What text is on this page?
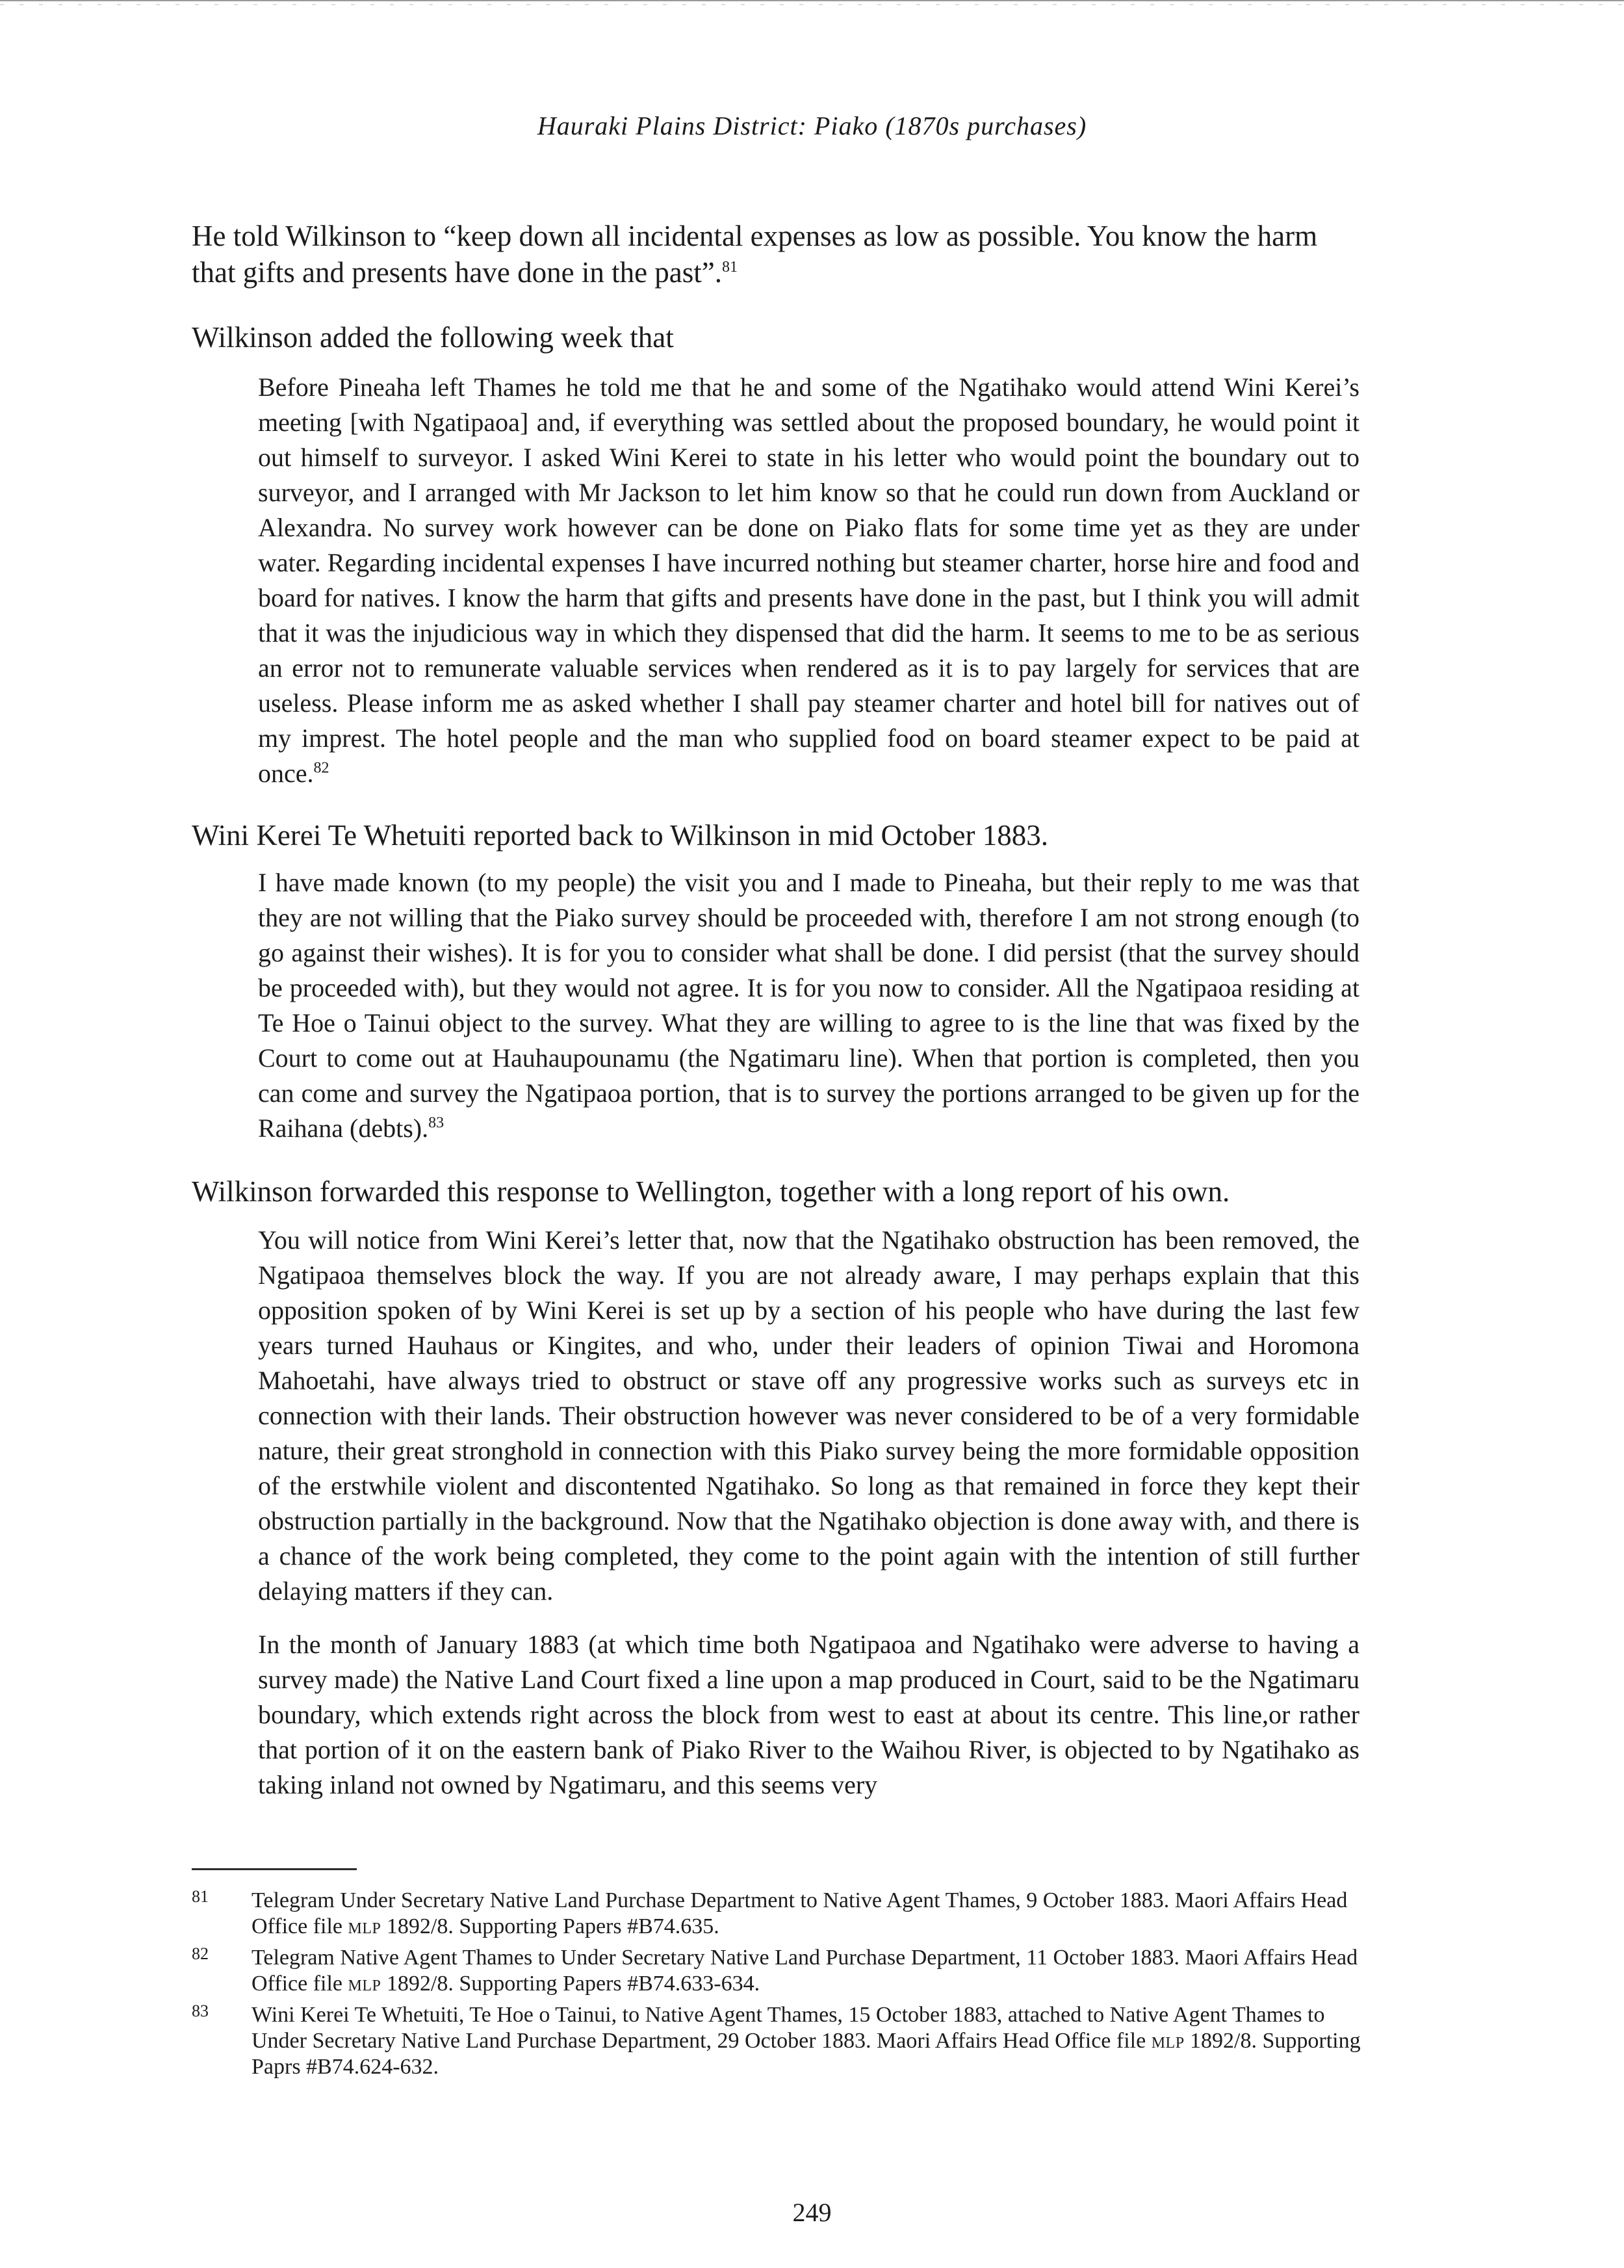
Hauraki Plains District: Piako (1870s purchases)

He told Wilkinson to “keep down all incidental expenses as low as possible. You know the harm that gifts and presents have done in the past”.$^{81}$

Wilkinson added the following week that

Before Pineaha left Thames he told me that he and some of the Ngatihako would attend Wini Kerei’s meeting [with Ngatipaoa] and, if everything was settled about the proposed boundary, he would point it out himself to surveyor. I asked Wini Kerei to state in his letter who would point the boundary out to surveyor, and I arranged with Mr Jackson to let him know so that he could run down from Auckland or Alexandra. No survey work however can be done on Piako flats for some time yet as they are under water. Regarding incidental expenses I have incurred nothing but steamer charter, horse hire and food and board for natives. I know the harm that gifts and presents have done in the past, but I think you will admit that it was the injudicious way in which they dispensed that did the harm. It seems to me to be as serious an error not to remunerate valuable services when rendered as it is to pay largely for services that are useless. Please inform me as asked whether I shall pay steamer charter and hotel bill for natives out of my imprest. The hotel people and the man who supplied food on board steamer expect to be paid at once.$^{82}$

Wini Kerei Te Whetuiti reported back to Wilkinson in mid October 1883.

I have made known (to my people) the visit you and I made to Pineaha, but their reply to me was that they are not willing that the Piako survey should be proceeded with, therefore I am not strong enough (to go against their wishes). It is for you to consider what shall be done. I did persist (that the survey should be proceeded with), but they would not agree. It is for you now to consider. All the Ngatipaoa residing at Te Hoe o Tainui object to the survey. What they are willing to agree to is the line that was fixed by the Court to come out at Hauhaupounamu (the Ngatimaru line). When that portion is completed, then you can come and survey the Ngatipaoa portion, that is to survey the portions arranged to be given up for the Raihana (debts).$^{83}$

Wilkinson forwarded this response to Wellington, together with a long report of his own.

You will notice from Wini Kerei’s letter that, now that the Ngatihako obstruction has been removed, the Ngatipaoa themselves block the way. If you are not already aware, I may perhaps explain that this opposition spoken of by Wini Kerei is set up by a section of his people who have during the last few years turned Hauhaus or Kingites, and who, under their leaders of opinion Tiwai and Horomona Mahoetahi, have always tried to obstruct or stave off any progressive works such as surveys etc in connection with their lands. Their obstruction however was never considered to be of a very formidable nature, their great stronghold in connection with this Piako survey being the more formidable opposition of the erstwhile violent and discontented Ngatihako. So long as that remained in force they kept their obstruction partially in the background. Now that the Ngatihako objection is done away with, and there is a chance of the work being completed, they come to the point again with the intention of still further delaying matters if they can.

In the month of January 1883 (at which time both Ngatipaoa and Ngatihako were adverse to having a survey made) the Native Land Court fixed a line upon a map produced in Court, said to be the Ngatimaru boundary, which extends right across the block from west to east at about its centre. This line,or rather that portion of it on the eastern bank of Piako River to the Waihou River, is objected to by Ngatihako as taking inland not owned by Ngatimaru, and this seems very

81 Telegram Under Secretary Native Land Purchase Department to Native Agent Thames, 9 October 1883. Maori Affairs Head Office file mlp 1892/8. Supporting Papers #B74.635.
82 Telegram Native Agent Thames to Under Secretary Native Land Purchase Department, 11 October 1883. Maori Affairs Head Office file mlp 1892/8. Supporting Papers #B74.633-634.
83 Wini Kerei Te Whetuiti, Te Hoe o Tainui, to Native Agent Thames, 15 October 1883, attached to Native Agent Thames to Under Secretary Native Land Purchase Department, 29 October 1883. Maori Affairs Head Office file mlp 1892/8. Supporting Paprs #B74.624-632.
249
